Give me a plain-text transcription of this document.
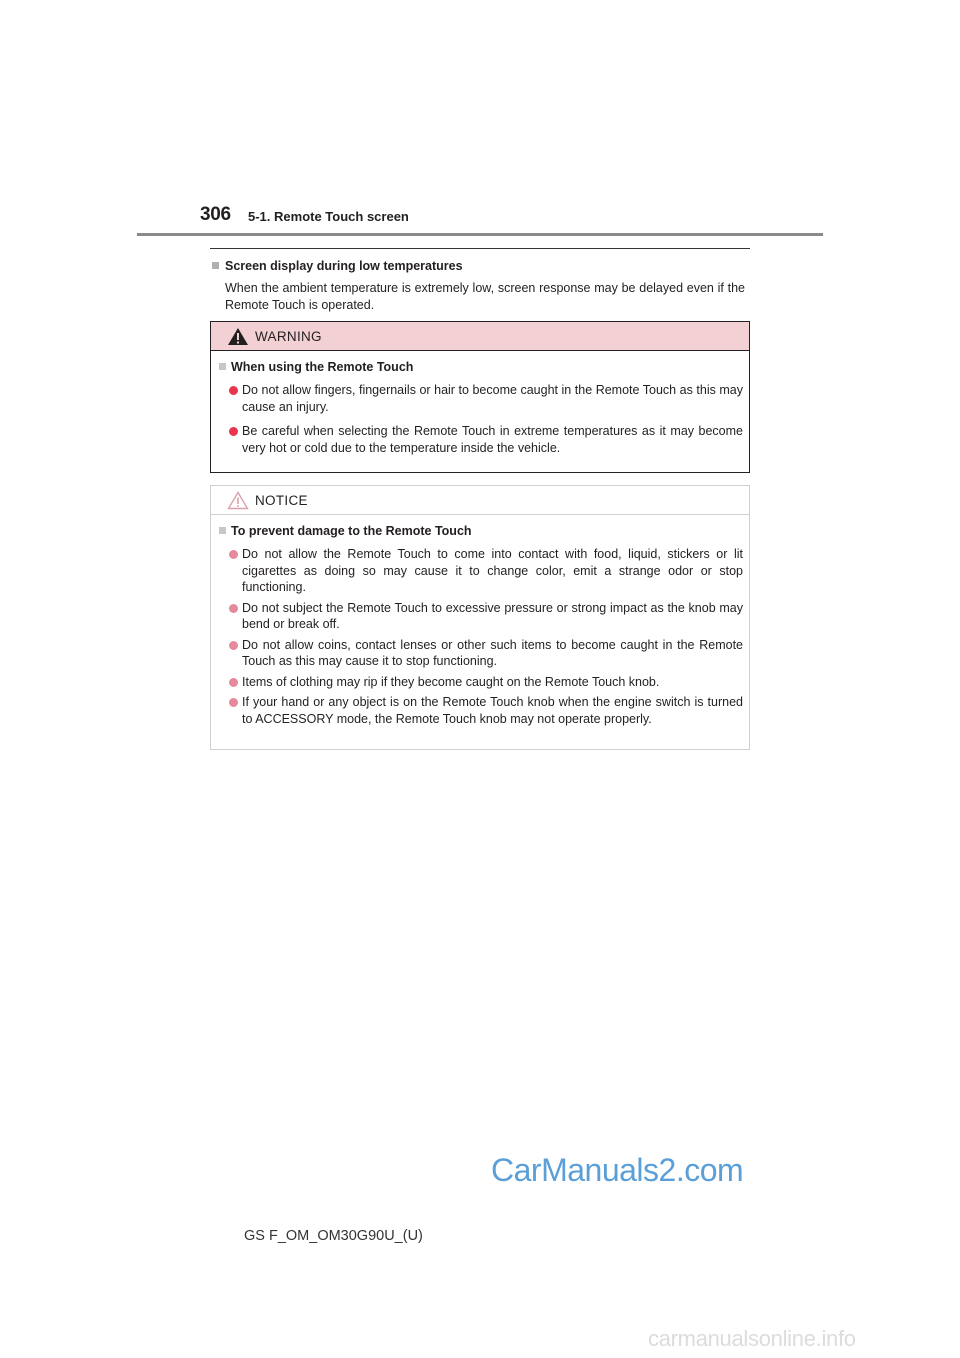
306 5-1. Remote Touch screen
Screen display during low temperatures
When the ambient temperature is extremely low, screen response may be delayed even if the Remote Touch is operated.
WARNING
When using the Remote Touch
Do not allow fingers, fingernails or hair to become caught in the Remote Touch as this may cause an injury.
Be careful when selecting the Remote Touch in extreme temperatures as it may become very hot or cold due to the temperature inside the vehicle.
NOTICE
To prevent damage to the Remote Touch
Do not allow the Remote Touch to come into contact with food, liquid, stickers or lit cigarettes as doing so may cause it to change color, emit a strange odor or stop functioning.
Do not subject the Remote Touch to excessive pressure or strong impact as the knob may bend or break off.
Do not allow coins, contact lenses or other such items to become caught in the Remote Touch as this may cause it to stop functioning.
Items of clothing may rip if they become caught on the Remote Touch knob.
If your hand or any object is on the Remote Touch knob when the engine switch is turned to ACCESSORY mode, the Remote Touch knob may not operate properly.
CarManuals2.com
GS F_OM_OM30G90U_(U)
carmanualsonline.info
